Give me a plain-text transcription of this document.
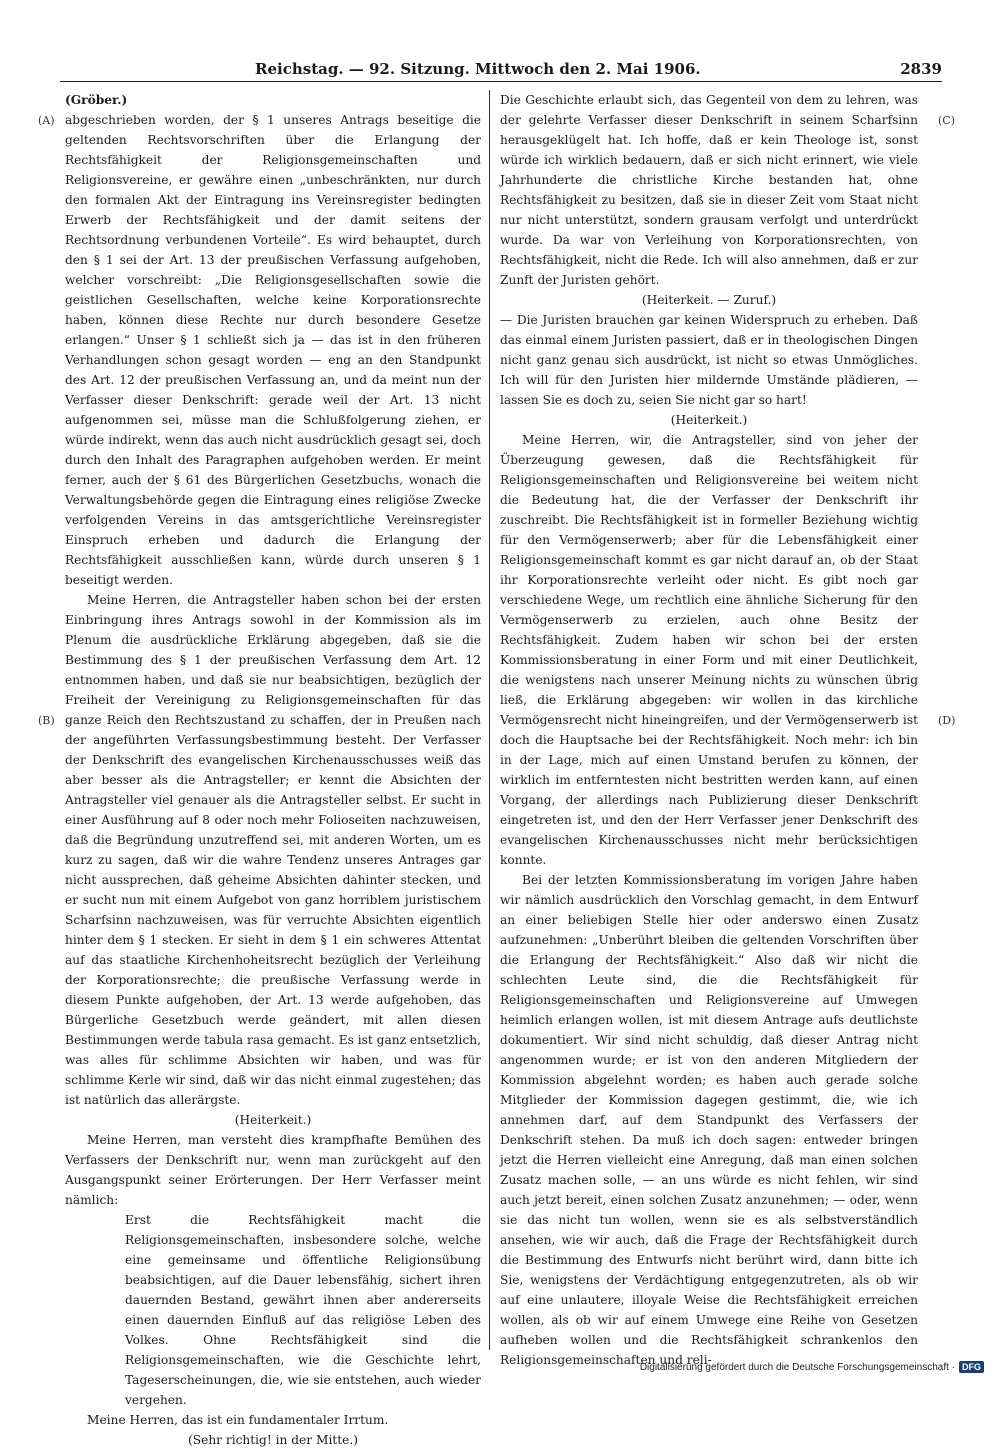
Reichstag. — 92. Sitzung. Mittwoch den 2. Mai 1906.	2839
(A)
(B)
(C)
(D)

(Gröber.)

abgeschrieben worden, der § 1 unseres Antrags beseitige die geltenden Rechtsvorschriften über die Erlangung der Rechtsfähigkeit der Religionsgemeinschaften und Religionsvereine, er gewähre einen „unbeschränkten, nur durch den formalen Akt der Eintragung ins Vereinsregister bedingten Erwerb der Rechtsfähigkeit und der damit seitens der Rechtsordnung verbundenen Vorteile“. Es wird behauptet, durch den § 1 sei der Art. 13 der preußischen Verfassung aufgehoben, welcher vorschreibt: „Die Religionsgesellschaften sowie die geistlichen Gesellschaften, welche keine Korporationsrechte haben, können diese Rechte nur durch besondere Gesetze erlangen.“ Unser § 1 schließt sich ja — das ist in den früheren Verhandlungen schon gesagt worden — eng an den Standpunkt des Art. 12 der preußischen Verfassung an, und da meint nun der Verfasser dieser Denkschrift: gerade weil der Art. 13 nicht aufgenommen sei, müsse man die Schlußfolgerung ziehen, er würde indirekt, wenn das auch nicht ausdrücklich gesagt sei, doch durch den Inhalt des Paragraphen aufgehoben werden. Er meint ferner, auch der § 61 des Bürgerlichen Gesetzbuchs, wonach die Verwaltungsbehörde gegen die Eintragung eines religiöse Zwecke verfolgenden Vereins in das amtsgerichtliche Vereinsregister Einspruch erheben und dadurch die Erlangung der Rechtsfähigkeit ausschließen kann, würde durch unseren § 1 beseitigt werden.

Meine Herren, die Antragsteller haben schon bei der ersten Einbringung ihres Antrags sowohl in der Kommission als im Plenum die ausdrückliche Erklärung abgegeben, daß sie die Bestimmung des § 1 der preußischen Verfassung dem Art. 12 entnommen haben, und daß sie nur beabsichtigen, bezüglich der Freiheit der Vereinigung zu Religionsgemeinschaften für das ganze Reich den Rechtszustand zu schaffen, der in Preußen nach der angeführten Verfassungsbestimmung besteht. Der Verfasser der Denkschrift des evangelischen Kirchenausschusses weiß das aber besser als die Antragsteller; er kennt die Absichten der Antragsteller viel genauer als die Antragsteller selbst. Er sucht in einer Ausführung auf 8 oder noch mehr Folioseiten nachzuweisen, daß die Begründung unzutreffend sei, mit anderen Worten, um es kurz zu sagen, daß wir die wahre Tendenz unseres Antrages gar nicht aussprechen, daß geheime Absichten dahinter stecken, und er sucht nun mit einem Aufgebot von ganz horriblem juristischem Scharfsinn nachzuweisen, was für verruchte Absichten eigentlich hinter dem § 1 stecken. Er sieht in dem § 1 ein schweres Attentat auf das staatliche Kirchenhoheitsrecht bezüglich der Verleihung der Korporationsrechte; die preußische Verfassung werde in diesem Punkte aufgehoben, der Art. 13 werde aufgehoben, das Bürgerliche Gesetzbuch werde geändert, mit allen diesen Bestimmungen werde tabula rasa gemacht. Es ist ganz entsetzlich, was alles für schlimme Absichten wir haben, und was für schlimme Kerle wir sind, daß wir das nicht einmal zugestehen; das ist natürlich das allerärgste.

(Heiterkeit.)

Meine Herren, man versteht dies krampfhafte Bemühen des Verfassers der Denkschrift nur, wenn man zurückgeht auf den Ausgangspunkt seiner Erörterungen. Der Herr Verfasser meint nämlich:

Erst die Rechtsfähigkeit macht die Religionsgemeinschaften, insbesondere solche, welche eine gemeinsame und öffentliche Religionsübung beabsichtigen, auf die Dauer lebensfähig, sichert ihren dauernden Bestand, gewährt ihnen aber andererseits einen dauernden Einfluß auf das religiöse Leben des Volkes. Ohne Rechtsfähigkeit sind die Religionsgemeinschaften, wie die Geschichte lehrt, Tageserscheinungen, die, wie sie entstehen, auch wieder vergehen.

Meine Herren, das ist ein fundamentaler Irrtum.

(Sehr richtig! in der Mitte.)

Die Geschichte erlaubt sich, das Gegenteil von dem zu lehren, was der gelehrte Verfasser dieser Denkschrift in seinem Scharfsinn herausgeklügelt hat. Ich hoffe, daß er kein Theologe ist, sonst würde ich wirklich bedauern, daß er sich nicht erinnert, wie viele Jahrhunderte die christliche Kirche bestanden hat, ohne Rechtsfähigkeit zu besitzen, daß sie in dieser Zeit vom Staat nicht nur nicht unterstützt, sondern grausam verfolgt und unterdrückt wurde. Da war von Verleihung von Korporationsrechten, von Rechtsfähigkeit, nicht die Rede. Ich will also annehmen, daß er zur Zunft der Juristen gehört.

(Heiterkeit. — Zuruf.)

— Die Juristen brauchen gar keinen Widerspruch zu erheben. Daß das einmal einem Juristen passiert, daß er in theologischen Dingen nicht ganz genau sich ausdrückt, ist nicht so etwas Unmögliches. Ich will für den Juristen hier mildernde Umstände plädieren, — lassen Sie es doch zu, seien Sie nicht gar so hart!

(Heiterkeit.)

Meine Herren, wir, die Antragsteller, sind von jeher der Überzeugung gewesen, daß die Rechtsfähigkeit für Religionsgemeinschaften und Religionsvereine bei weitem nicht die Bedeutung hat, die der Verfasser der Denkschrift ihr zuschreibt. Die Rechtsfähigkeit ist in formeller Beziehung wichtig für den Vermögenserwerb; aber für die Lebensfähigkeit einer Religionsgemeinschaft kommt es gar nicht darauf an, ob der Staat ihr Korporationsrechte verleiht oder nicht. Es gibt noch gar verschiedene Wege, um rechtlich eine ähnliche Sicherung für den Vermögenserwerb zu erzielen, auch ohne Besitz der Rechtsfähigkeit. Zudem haben wir schon bei der ersten Kommissionsberatung in einer Form und mit einer Deutlichkeit, die wenigstens nach unserer Meinung nichts zu wünschen übrig ließ, die Erklärung abgegeben: wir wollen in das kirchliche Vermögensrecht nicht hineingreifen, und der Vermögenserwerb ist doch die Hauptsache bei der Rechtsfähigkeit. Noch mehr: ich bin in der Lage, mich auf einen Umstand berufen zu können, der wirklich im entferntesten nicht bestritten werden kann, auf einen Vorgang, der allerdings nach Publizierung dieser Denkschrift eingetreten ist, und den der Herr Verfasser jener Denkschrift des evangelischen Kirchenausschusses nicht mehr berücksichtigen konnte.

Bei der letzten Kommissionsberatung im vorigen Jahre haben wir nämlich ausdrücklich den Vorschlag gemacht, in dem Entwurf an einer beliebigen Stelle hier oder anderswo einen Zusatz aufzunehmen: „Unberührt bleiben die geltenden Vorschriften über die Erlangung der Rechtsfähigkeit.“ Also daß wir nicht die schlechten Leute sind, die die Rechtsfähigkeit für Religionsgemeinschaften und Religionsvereine auf Umwegen heimlich erlangen wollen, ist mit diesem Antrage aufs deutlichste dokumentiert. Wir sind nicht schuldig, daß dieser Antrag nicht angenommen wurde; er ist von den anderen Mitgliedern der Kommission abgelehnt worden; es haben auch gerade solche Mitglieder der Kommission dagegen gestimmt, die, wie ich annehmen darf, auf dem Standpunkt des Verfassers der Denkschrift stehen. Da muß ich doch sagen: entweder bringen jetzt die Herren vielleicht eine Anregung, daß man einen solchen Zusatz machen solle, — an uns würde es nicht fehlen, wir sind auch jetzt bereit, einen solchen Zusatz anzunehmen; — oder, wenn sie das nicht tun wollen, wenn sie es als selbstverständlich ansehen, wie wir auch, daß die Frage der Rechtsfähigkeit durch die Bestimmung des Entwurfs nicht berührt wird, dann bitte ich Sie, wenigstens der Verdächtigung entgegenzutreten, als ob wir auf eine unlautere, illoyale Weise die Rechtsfähigkeit erreichen wollen, als ob wir auf einem Umwege eine Reihe von Gesetzen aufheben wollen und die Rechtsfähigkeit schrankenlos den Religionsgemeinschaften und reli-

Digitalisierung gefördert durch die Deutsche Forschungsgemeinschaft · DFG
